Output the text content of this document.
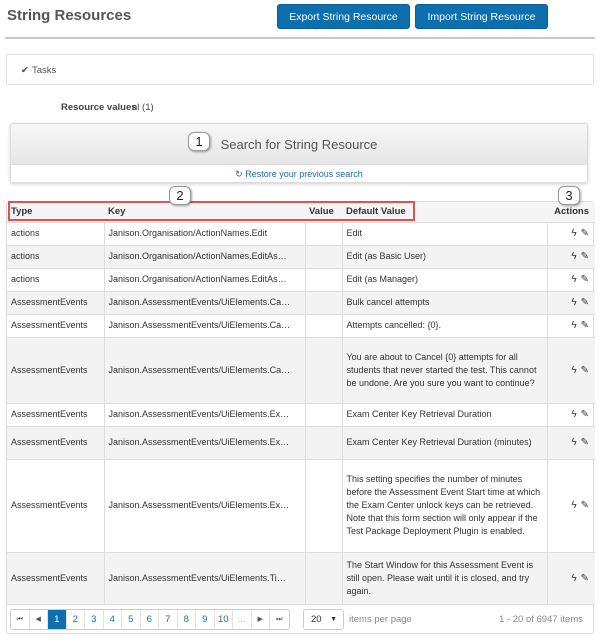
String Resources	Export String Resource	Import String Resource
✔ Tasks
Resource values
nl (1)
Search for String Resource
↻ Restore your previous search
Type	Key	Value	Default Value	Actions
actions	Janison.Organisation/ActionNames.Edit		Edit	ϟ ✎
actions	Janison.Organisation/ActionNames.EditAs…		Edit (as Basic User)	ϟ ✎
actions	Janison.Organisation/ActionNames.EditAs…		Edit (as Manager)	ϟ ✎
AssessmentEvents	Janison.AssessmentEvents/UiElements.Ca…		Bulk cancel attempts	ϟ ✎
AssessmentEvents	Janison.AssessmentEvents/UiElements.Ca…		Attempts cancelled: {0}.	ϟ ✎
AssessmentEvents	Janison.AssessmentEvents/UiElements.Ca…		You are about to Cancel {0} attempts for all students that never started the test. This cannot be undone. Are you sure you want to continue?	ϟ ✎
AssessmentEvents	Janison.AssessmentEvents/UiElements.Ex…		Exam Center Key Retrieval Duration	ϟ ✎
AssessmentEvents	Janison.AssessmentEvents/UiElements.Ex…		Exam Center Key Retrieval Duration (minutes)	ϟ ✎
AssessmentEvents	Janison.AssessmentEvents/UiElements.Ex…		This setting specifies the number of minutes before the Assessment Event Start time at which the Exam Center unlock keys can be retrieved. Note that this form section will only appear if the Test Package Deployment Plugin is enabled.	ϟ ✎
AssessmentEvents	Janison.AssessmentEvents/UiElements.Ti…		The Start Window for this Assessment Event is still open. Please wait until it is closed, and try again.	ϟ ✎
1
2	3
⏮	◀	1	2	3	4	5	6	7	8	9	10 ...	▶	⏭	20 ▼ items per page	1 - 20 of 6947 items
